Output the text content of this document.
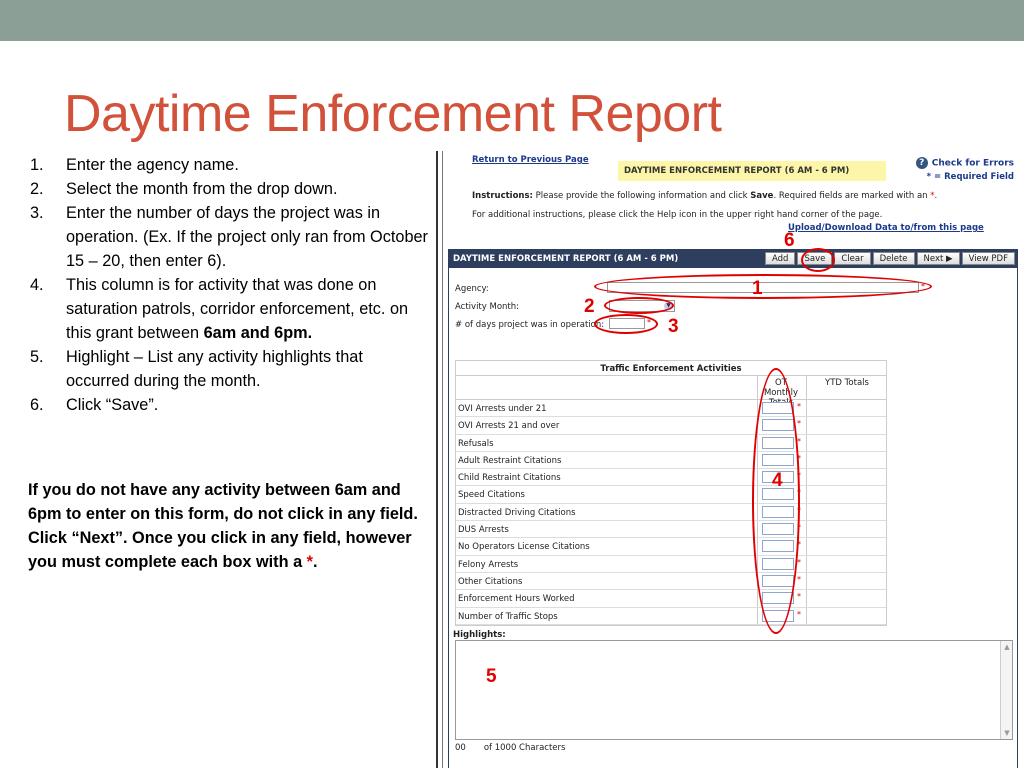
Daytime Enforcement Report
1. Enter the agency name.
2. Select the month from the drop down.
3. Enter the number of days the project was in operation. (Ex. If the project only ran from October 15 – 20, then enter 6).
4. This column is for activity that was done on saturation patrols, corridor enforcement, etc. on this grant between 6am and 6pm.
5. Highlight – List any activity highlights that occurred during the month.
6. Click “Save”.
If you do not have any activity between 6am and 6pm to enter on this form, do not click in any field. Click “Next”. Once you click in any field, however you must complete each box with a *.
Return to Previous Page
DAYTIME ENFORCEMENT REPORT (6 AM - 6 PM)
? Check for Errors
* = Required Field
Instructions: Please provide the following information and click Save. Required fields are marked with an *.
For additional instructions, please click the Help icon in the upper right hand corner of the page.
Upload/Download Data to/from this page
DAYTIME ENFORCEMENT REPORT (6 AM - 6 PM)	Add	Save	Clear	Delete	Next ▶	View PDF
Agency:	*
Activity Month:	▼
# of days project was in operation:	*
Traffic Enforcement Activities
OT Monthly
YTD Totals
OVI Arrests under 21	*
OVI Arrests 21 and over	*
Refusals	*
Adult Restraint Citations	*
Child Restraint Citations	*
Speed Citations	*
Distracted Driving Citations	*
DUS Arrests	*
No Operators License Citations	*
Felony Arrests	*
Other Citations	*
Enforcement Hours Worked	*
Number of Traffic Stops	*
Highlights:
▲
▼
00 of 1000 Characters
1
2
3
4
5
6
